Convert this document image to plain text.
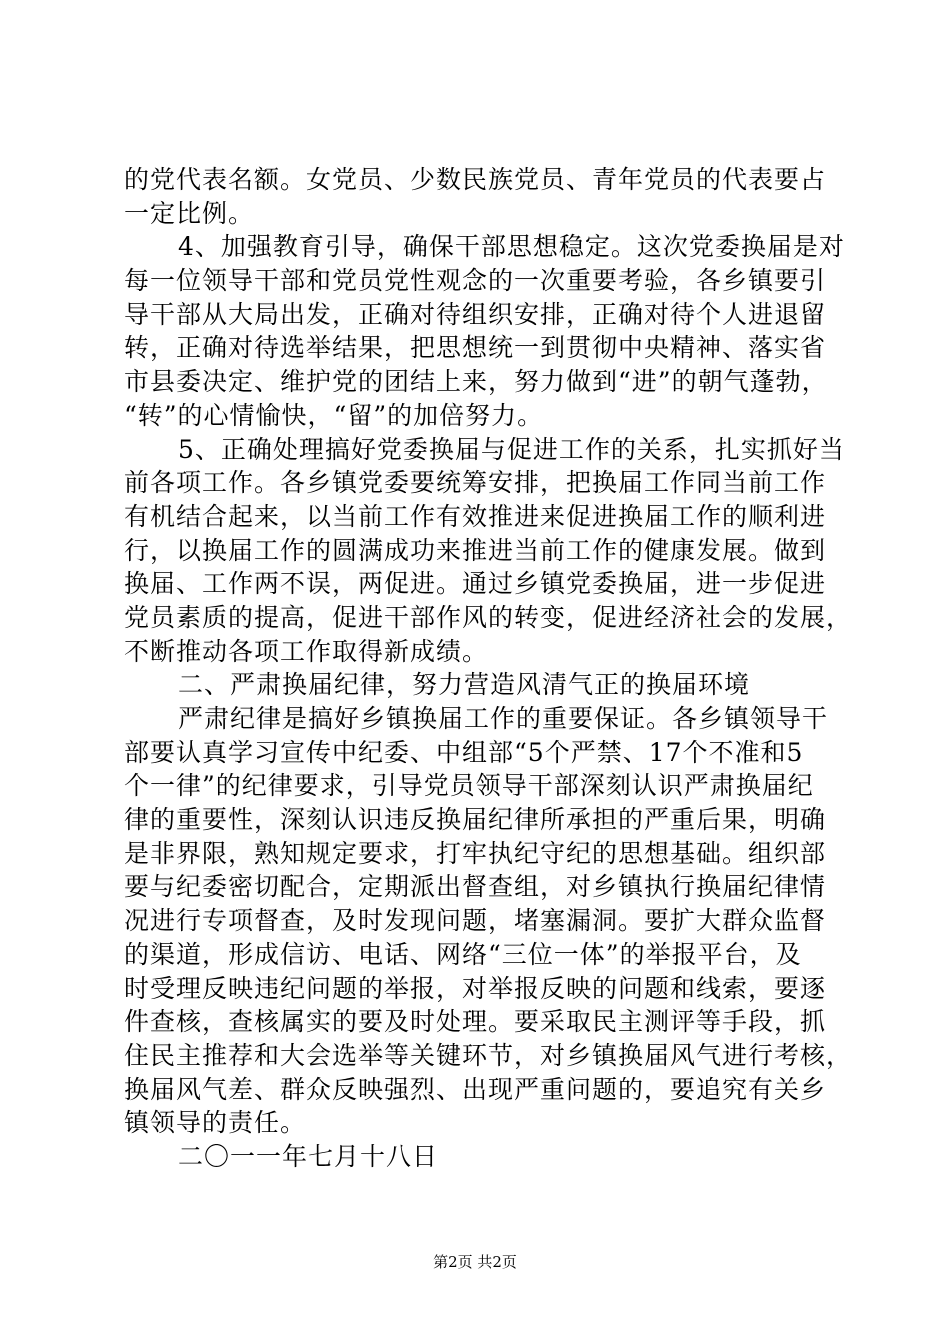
的党代表名额。女党员、少数民族党员、青年党员的代表要占
一定比例。
4、加强教育引导，确保干部思想稳定。这次党委换届是对
每一位领导干部和党员党性观念的一次重要考验，各乡镇要引
导干部从大局出发，正确对待组织安排，正确对待个人进退留
转，正确对待选举结果，把思想统一到贯彻中央精神、落实省
市县委决定、维护党的团结上来，努力做到“进”的朝气蓬勃，
“转”的心情愉快，“留”的加倍努力。
5、正确处理搞好党委换届与促进工作的关系，扎实抓好当
前各项工作。各乡镇党委要统筹安排，把换届工作同当前工作
有机结合起来，以当前工作有效推进来促进换届工作的顺利进
行，以换届工作的圆满成功来推进当前工作的健康发展。做到
换届、工作两不误，两促进。通过乡镇党委换届，进一步促进
党员素质的提高，促进干部作风的转变，促进经济社会的发展，
不断推动各项工作取得新成绩。
二、严肃换届纪律，努力营造风清气正的换届环境
严肃纪律是搞好乡镇换届工作的重要保证。各乡镇领导干
部要认真学习宣传中纪委、中组部“5个严禁、17个不准和5
个一律”的纪律要求，引导党员领导干部深刻认识严肃换届纪
律的重要性，深刻认识违反换届纪律所承担的严重后果，明确
是非界限，熟知规定要求，打牢执纪守纪的思想基础。组织部
要与纪委密切配合，定期派出督查组，对乡镇执行换届纪律情
况进行专项督查，及时发现问题，堵塞漏洞。要扩大群众监督
的渠道，形成信访、电话、网络“三位一体”的举报平台，及
时受理反映违纪问题的举报，对举报反映的问题和线索，要逐
件查核，查核属实的要及时处理。要采取民主测评等手段，抓
住民主推荐和大会选举等关键环节，对乡镇换届风气进行考核，
换届风气差、群众反映强烈、出现严重问题的，要追究有关乡
镇领导的责任。
二〇一一年七月十八日
第2页 共2页
